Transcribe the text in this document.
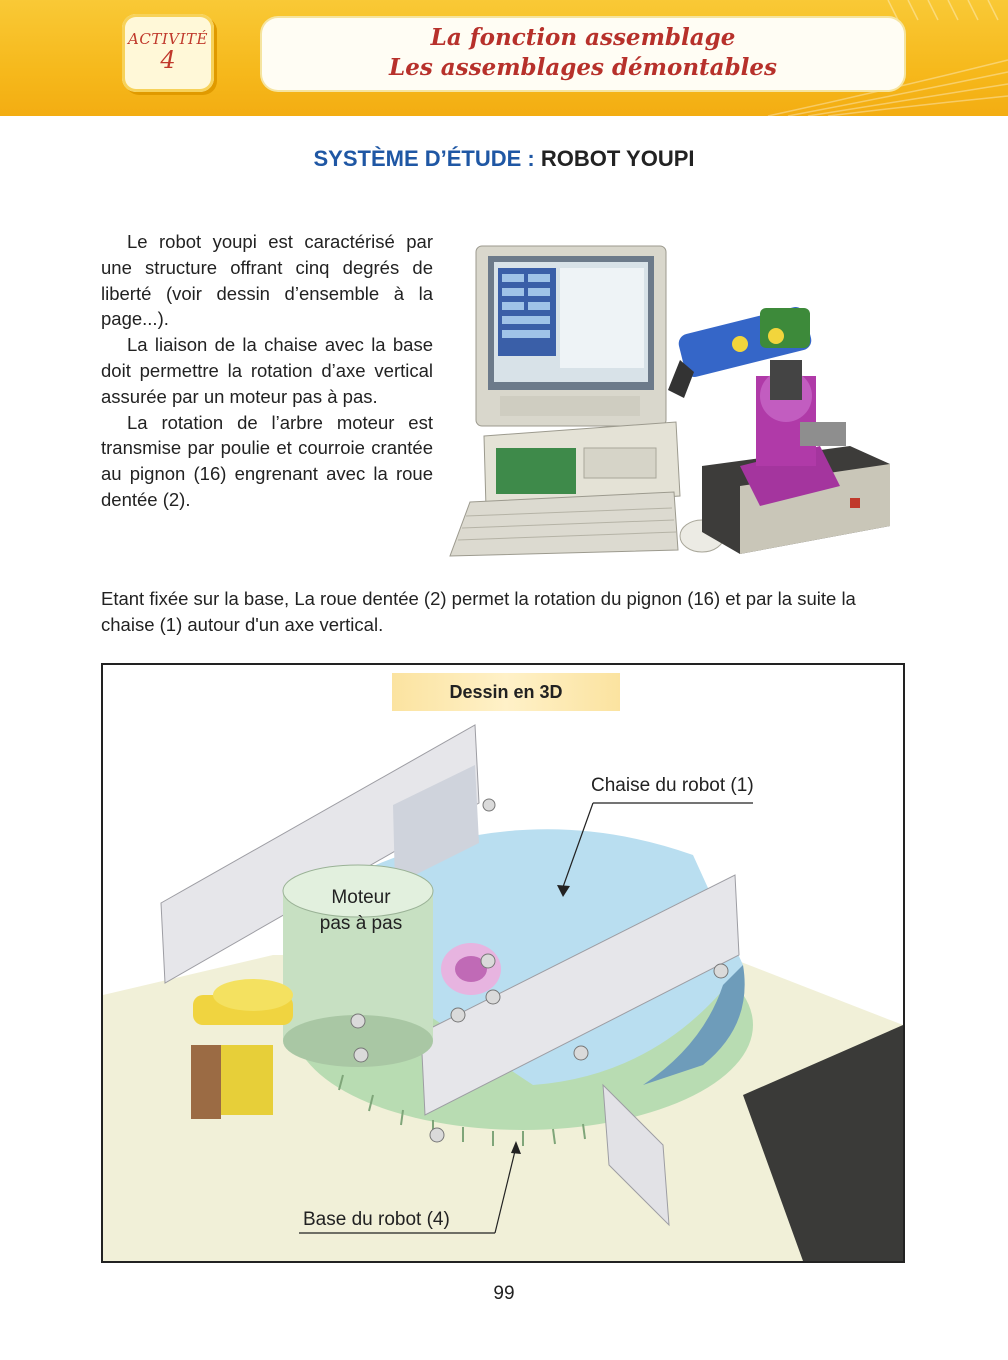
ACTIVITÉ
4
La fonction assemblage
Les assemblages démontables
SYSTÈME D’ÉTUDE : ROBOT YOUPI

Le robot youpi est caractérisé par une structure offrant cinq degrés de liberté (voir dessin d’ensemble à la page...).

La liaison de la chaise avec la base doit permettre la rotation d’axe vertical assurée par un moteur pas à pas.

La rotation de l’arbre moteur est transmise par poulie et courroie crantée au pignon (16) engrenant avec la roue dentée (2).

Etant fixée sur la base, La roue dentée (2) permet la rotation du pignon (16) et par la suite la chaise (1) autour d'un axe vertical.
Moteur
pas à pas
Chaise du robot (1)
Base du robot (4)
Dessin en 3D
99
